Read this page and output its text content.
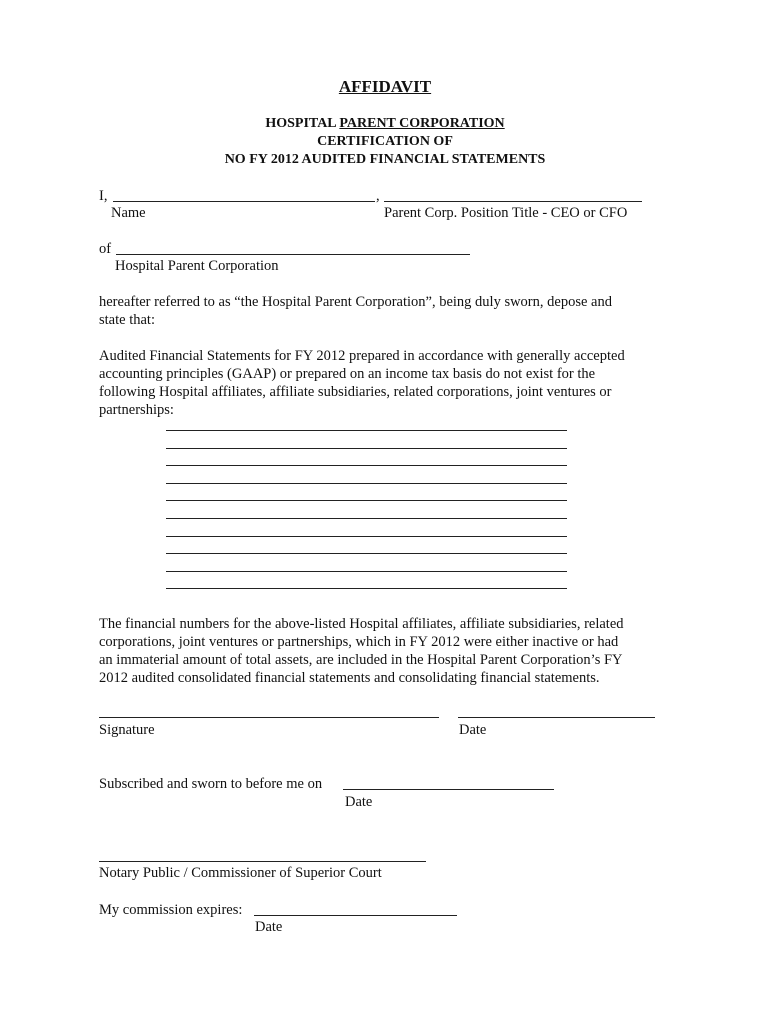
AFFIDAVIT
HOSPITAL PARENT CORPORATION
CERTIFICATION OF
NO FY 2012 AUDITED FINANCIAL STATEMENTS
I,	,
Name	Parent Corp. Position Title - CEO or CFO
of
Hospital Parent Corporation
hereafter referred to as “the Hospital Parent Corporation”, being duly sworn, depose and
state that:
Audited Financial Statements for FY 2012 prepared in accordance with generally accepted
accounting principles (GAAP) or prepared on an income tax basis do not exist for the
following Hospital affiliates, affiliate subsidiaries, related corporations, joint ventures or
partnerships:
The financial numbers for the above-listed Hospital affiliates, affiliate subsidiaries, related
corporations, joint ventures or partnerships, which in FY 2012 were either inactive or had
an immaterial amount of total assets, are included in the Hospital Parent Corporation’s FY
2012 audited consolidated financial statements and consolidating financial statements.
Signature	Date
Subscribed and sworn to before me on
Date
Notary Public / Commissioner of Superior Court
My commission expires:
Date
